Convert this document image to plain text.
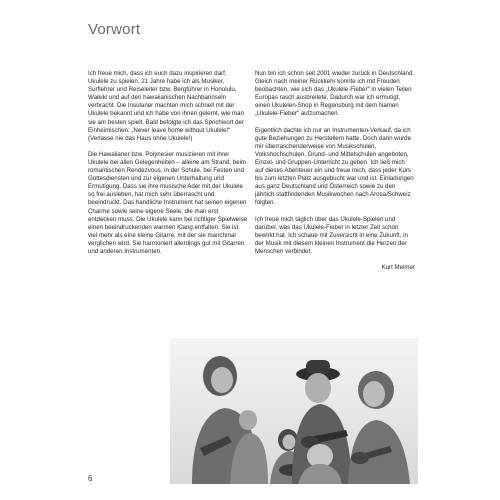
Vorwort

Ich freue mich, dass ich euch dazu inspirieren darf, Ukulele zu spielen. 21 Jahre habe ich als Musiker, Surflehrer und Reiseleiter bzw. Bergführer in Honolulu, Waikiki und auf den hawaiianischen Nachbarinseln verbracht. Die Insulaner machten mich schnell mit der Ukulele bekannt und ich habe von ihnen gelernt, wie man sie am besten spielt. Bald befolgte ich das Sprichwort der Einheimischen: „Never leave home without Ukulele!“ (Verlasse nie das Haus ohne Ukulele!)

Die Hawaiianer bzw. Polynesier musizieren mit ihrer Ukulele bei allen Gelegenheiten – alleine am Strand, beim romantischen Rendezvous, in der Schule, bei Festen und Gottesdiensten und zur eigenen Unterhaltung und Ermutigung. Dass sie ihre musische Ader mit der Ukulele so frei ausleben, hat mich sehr überrascht und beeindruckt. Das handliche Instrument hat seinen eigenen Charme sowie seine eigene Seele, die man erst entdecken muss. Die Ukulele kann bei richtiger Spielweise einen beeindruckenden warmen Klang entfalten. Sie ist viel mehr als eine kleine Gitarre, mit der sie manchmal verglichen wird. Sie harmoniert allerdings gut mit Gitarren und anderen Instrumenten.

Nun bin ich schon seit 2001 wieder zurück in Deutschland. Gleich nach meiner Rückkehr konnte ich mit Freuden beobachten, wie sich das „Ukulele-Fieber“ in vielen Teilen Europas rasch ausbreitete. Dadurch war ich ermutigt, einen Ukulelen-Shop in Regensburg mit dem Namen „Ukulele-Fieber“ aufzumachen.

Eigentlich dachte ich nur an Instrumenten-Verkauf, da ich gute Beziehungen zu Herstellern hatte. Doch dann wurde mir überraschenderweise von Musikschulen, Volkshochschulen, Grund- und Mittelschulen angeboten, Einzel- und Gruppen-Unterricht zu geben. Ich ließ mich auf dieses Abenteuer ein und freue mich, dass jeder Kurs bis zum letzten Platz ausgebucht war und ist. Einladungen aus ganz Deutschland und Österreich sowie zu den jährlich stattfindenden Musikwochen nach Arosa/Schweiz folgten.

Ich freue mich täglich über das Ukulele-Spielen und darüber, was das Ukulele-Fieber in letzter Zeit schon bewirkt hat. Ich schaue mit Zuversicht in eine Zukunft, in der Musik mit diesem kleinen Instrument die Herzen der Menschen verbindet.

Kurt Meimer

6
